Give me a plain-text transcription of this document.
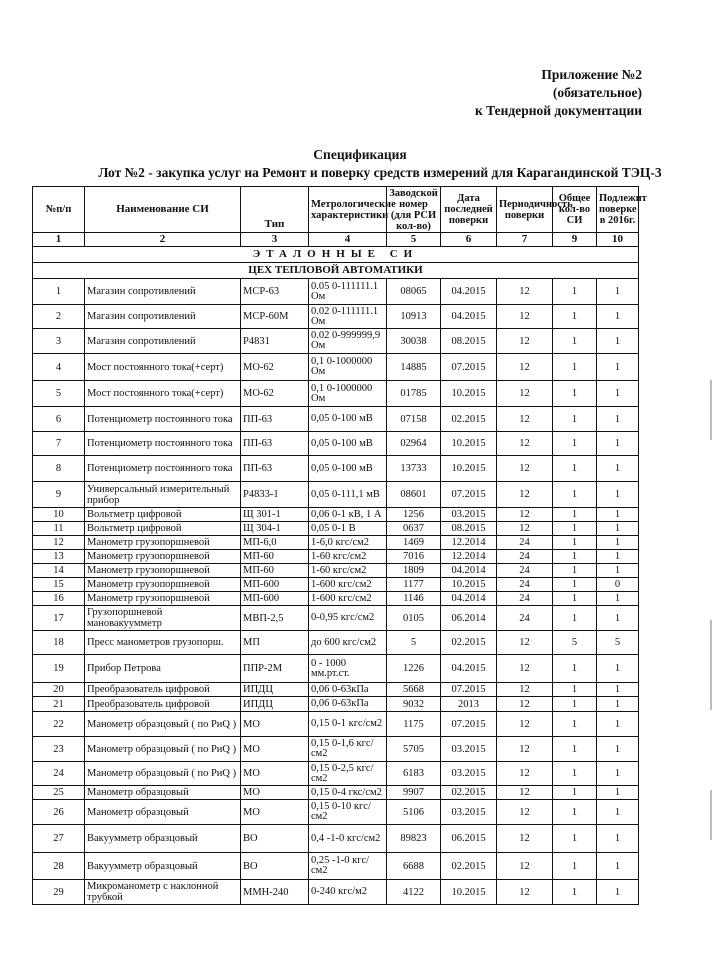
Приложение №2
(обязательное)
к Тендерной документации
Спецификация
Лот №2 - закупка услуг на Ремонт и поверку средств измерений для Карагандинской ТЭЦ-3
№п/п	Наименование СИ	Тип	Метрологические характеристики	Заводской номер (для РСИ кол-во)	Дата последней поверки	Периодичность поверки	Общее кол-во СИ	Подлежит поверке в 2016г.
1	2	3	4	5	6	7	9	10
ЭТАЛОННЫЕ СИ								
ЦЕХ ТЕПЛОВОЙ АВТОМАТИКИ								
1	Магазин сопротивлений	МСР-63	0.05 0-111111.1 Ом	08065	04.2015	12	1	1
2	Магазин сопротивлений	МСР-60М	0.02 0-111111.1 Ом	10913	04.2015	12	1	1
3	Магазин сопротивлений	Р4831	0.02 0-999999,9 Ом	30038	08.2015	12	1	1
4	Мост постоянного тока(+серт)	МО-62	0,1 0-1000000 Ом	14885	07.2015	12	1	1
5	Мост постоянного тока(+серт)	МО-62	0,1 0-1000000 Ом	01785	10.2015	12	1	1
6	Потенциометр постоянного тока	ПП-63	0,05 0-100 мВ	07158	02.2015	12	1	1
7	Потенциометр постоянного тока	ПП-63	0,05 0-100 мВ	02964	10.2015	12	1	1
8	Потенциометр постоянного тока	ПП-63	0,05 0-100 мВ	13733	10.2015	12	1	1
9	Универсальный измерительный прибор	Р4833-1	0,05 0-111,1 мВ	08601	07.2015	12	1	1
10	Вольтметр цифровой	Щ 301-1	0,06 0-1 кВ, 1 А	1256	03.2015	12	1	1
11	Вольтметр цифровой	Щ 304-1	0,05 0-1 В	0637	08.2015	12	1	1
12	Манометр грузопоршневой	МП-6,0	1-6,0 кгс/см2	1469	12.2014	24	1	1
13	Манометр грузопоршневой	МП-60	1-60 кгс/см2	7016	12.2014	24	1	1
14	Манометр грузопоршневой	МП-60	1-60 кгс/см2	1809	04.2014	24	1	1
15	Манометр грузопоршневой	МП-600	1-600 кгс/см2	1177	10.2015	24	1	0
16	Манометр грузопоршневой	МП-600	1-600 кгс/см2	1146	04.2014	24	1	1
17	Грузопоршневой мановакуумметр	МВП-2,5	0-0,95 кгс/см2	0105	06.2014	24	1	1
18	Пресс манометров грузопорш.	МП	до 600 кгс/см2	5	02.2015	12	5	5
19	Прибор Петрова	ППР-2М	0 - 1000 мм.рт.ст.	1226	04.2015	12	1	1
20	Преобразователь цифровой	ИПДЦ	0,06 0-63кПа	5668	07.2015	12	1	1
21	Преобразователь цифровой	ИПДЦ	0,06 0-63кПа	9032	2013	12	1	1
22	Манометр образцовый ( по РиQ )	МО	0,15 0-1 кгс/см2	1175	07.2015	12	1	1
23	Манометр образцовый ( по РиQ )	МО	0,15 0-1,6 кгс/см2	5705	03.2015	12	1	1
24	Манометр образцовый ( по РиQ )	МО	0,15 0-2,5 кгс/см2	6183	03.2015	12	1	1
25	Манометр образцовый	МО	0,15 0-4 гкс/см2	9907	02.2015	12	1	1
26	Манометр образцовый	МО	0,15 0-10 кгс/см2	5106	03.2015	12	1	1
27	Вакуумметр образцовый	ВО	0,4 -1-0 кгс/см2	89823	06.2015	12	1	1
28	Вакуумметр образцовый	ВО	0,25 -1-0 кгс/см2	6688	02.2015	12	1	1
29	Микроманометр с наклонной трубкой	ММН-240	0-240 кгс/м2	4122	10.2015	12	1	1
